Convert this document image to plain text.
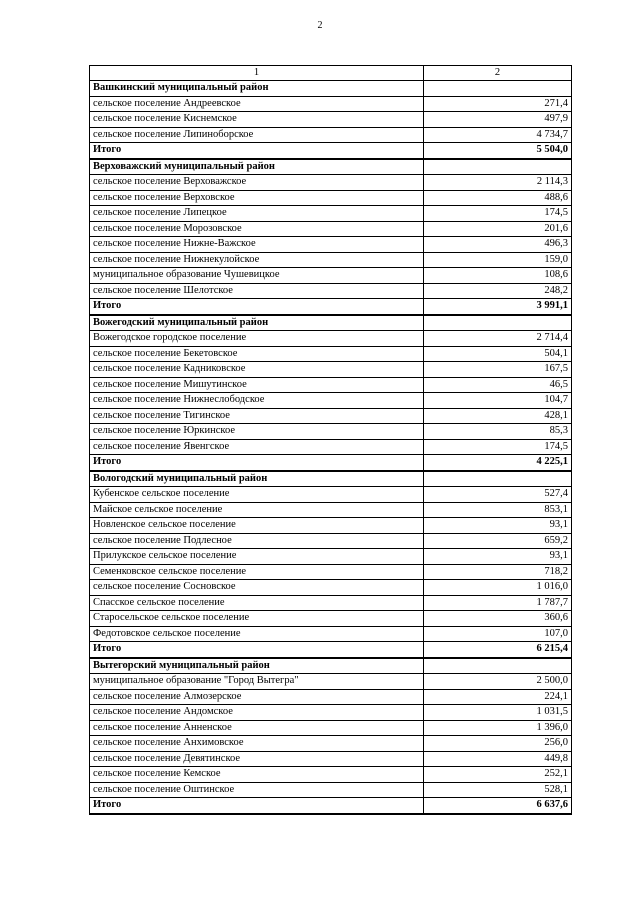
2
1	2
Вашкинский муниципальный район	
сельское поселение Андреевское	271,4
сельское поселение Киснемское	497,9
сельское поселение Липиноборское	4 734,7
Итого	5 504,0
Верховажский муниципальный район	
сельское поселение Верховажское	2 114,3
сельское поселение Верховское	488,6
сельское поселение Липецкое	174,5
сельское поселение Морозовское	201,6
сельское поселение Нижне-Важское	496,3
сельское поселение Нижнекулойское	159,0
муниципальное образование Чушевицкое	108,6
сельское поселение Шелотское	248,2
Итого	3 991,1
Вожегодский муниципальный район	
Вожегодское городское поселение	2 714,4
сельское поселение Бекетовское	504,1
сельское поселение Кадниковское	167,5
сельское поселение Мишутинское	46,5
сельское поселение Нижнеслободское	104,7
сельское поселение Тигинское	428,1
сельское поселение Юркинское	85,3
сельское поселение Явенгское	174,5
Итого	4 225,1
Вологодский муниципальный район	
Кубенское сельское поселение	527,4
Майское сельское поселение	853,1
Новленское сельское поселение	93,1
сельское поселение Подлесное	659,2
Прилукское сельское поселение	93,1
Семенковское сельское поселение	718,2
сельское поселение Сосновское	1 016,0
Спасское сельское поселение	1 787,7
Старосельское сельское поселение	360,6
Федотовское сельское поселение	107,0
Итого	6 215,4
Вытегорский муниципальный район	
муниципальное образование "Город Вытегра"	2 500,0
сельское поселение Алмозерское	224,1
сельское поселение Андомское	1 031,5
сельское поселение Анненское	1 396,0
сельское поселение Анхимовское	256,0
сельское поселение Девятинское	449,8
сельское поселение Кемское	252,1
сельское поселение Оштинское	528,1
Итого	6 637,6
